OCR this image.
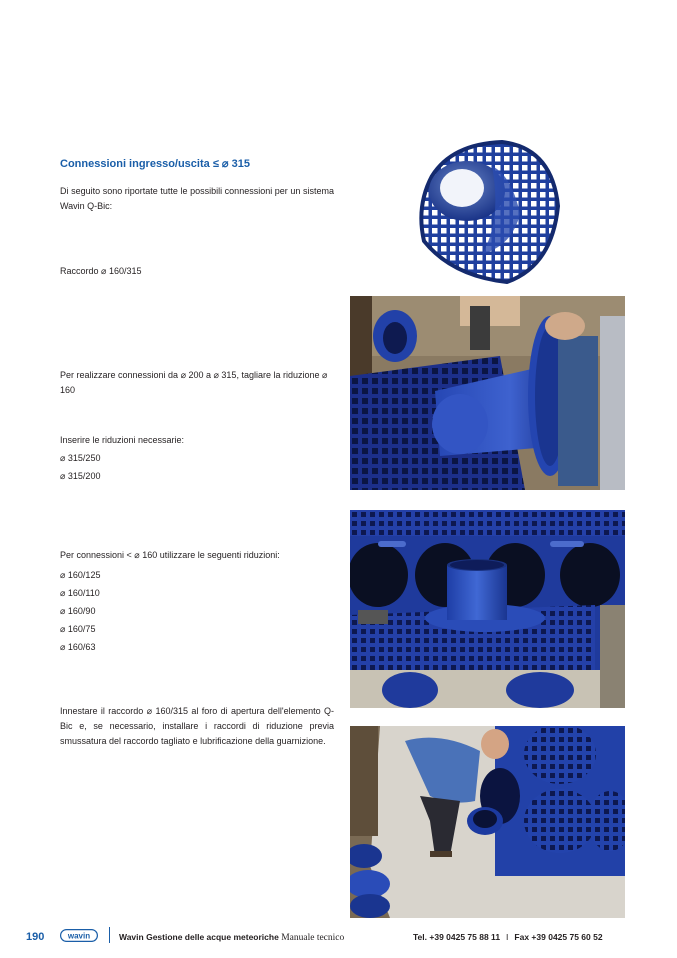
Connessioni ingresso/uscita ≤ ⌀ 315

Di seguito sono riportate tutte le possibili connessioni per un sistema Wavin Q-Bic:

Raccordo ⌀ 160/315

Per realizzare connessioni da ⌀ 200 a ⌀ 315, tagliare la riduzione ⌀ 160

Inserire le riduzioni necessarie:

⌀ 315/250
⌀ 315/200

Per connessioni < ⌀ 160 utilizzare le seguenti riduzioni:

⌀ 160/125
⌀ 160/110
⌀ 160/90
⌀ 160/75
⌀ 160/63

Innestare il raccordo ⌀ 160/315 al foro di apertura dell'elemento Q-Bic e, se necessario, installare i raccordi di riduzione previa smussatura del raccordo tagliato e lubrificazione della guarnizione.

190	wavin	Wavin Gestione delle acque meteoriche Manuale tecnico	Tel. +39 0425 75 88 11 I Fax +39 0425 75 60 52
